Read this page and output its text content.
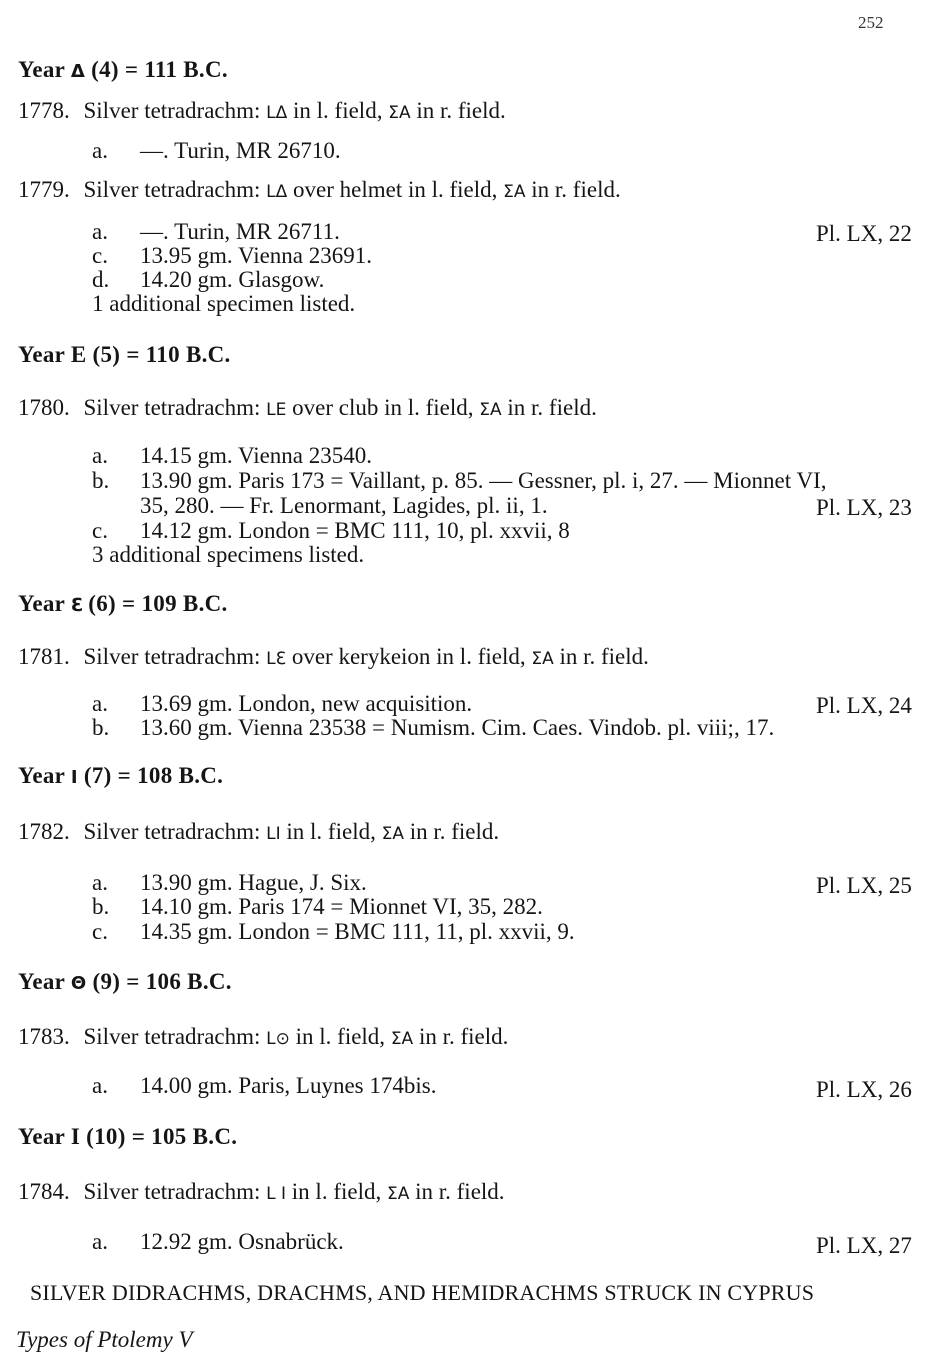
252
Year Δ (4) = 111 B.C.
1778. Silver tetradrachm: LΔ in l. field, ΣA in r. field.
a. —. Turin, MR 26710.
1779. Silver tetradrachm: LΔ over helmet in l. field, ΣA in r. field.
a. —. Turin, MR 26711.	Pl. LX, 22
c. 13.95 gm. Vienna 23691.
d. 14.20 gm. Glasgow.
1 additional specimen listed.
Year E (5) = 110 B.C.
1780. Silver tetradrachm: LE over club in l. field, ΣA in r. field.
a. 14.15 gm. Vienna 23540.
b. 13.90 gm. Paris 173 = Vaillant, p. 85. — Gessner, pl. i, 27. — Mionnet VI,
35, 280. — Fr. Lenormant, Lagides, pl. ii, 1.	Pl. LX, 23
c. 14.12 gm. London = BMC 111, 10, pl. xxvii, 8
3 additional specimens listed.
Year ℇ (6) = 109 B.C.
1781. Silver tetradrachm: Lℇ over kerykeion in l. field, ΣA in r. field.
a. 13.69 gm. London, new acquisition.	Pl. LX, 24
b. 13.60 gm. Vienna 23538 = Numism. Cim. Caes. Vindob. pl. viii;, 17.
Year I (7) = 108 B.C.
1782. Silver tetradrachm: LI in l. field, ΣA in r. field.
a. 13.90 gm. Hague, J. Six.	Pl. LX, 25
b. 14.10 gm. Paris 174 = Mionnet VI, 35, 282.
c. 14.35 gm. London = BMC 111, 11, pl. xxvii, 9.
Year Θ (9) = 106 B.C.
1783. Silver tetradrachm: L⊙ in l. field, ΣA in r. field.
a. 14.00 gm. Paris, Luynes 174bis.	Pl. LX, 26
Year I (10) = 105 B.C.
1784. Silver tetradrachm: L I in l. field, ΣA in r. field.
a. 12.92 gm. Osnabrück.	Pl. LX, 27
SILVER DIDRACHMS, DRACHMS, AND HEMIDRACHMS STRUCK IN CYPRUS
Types of Ptolemy V
